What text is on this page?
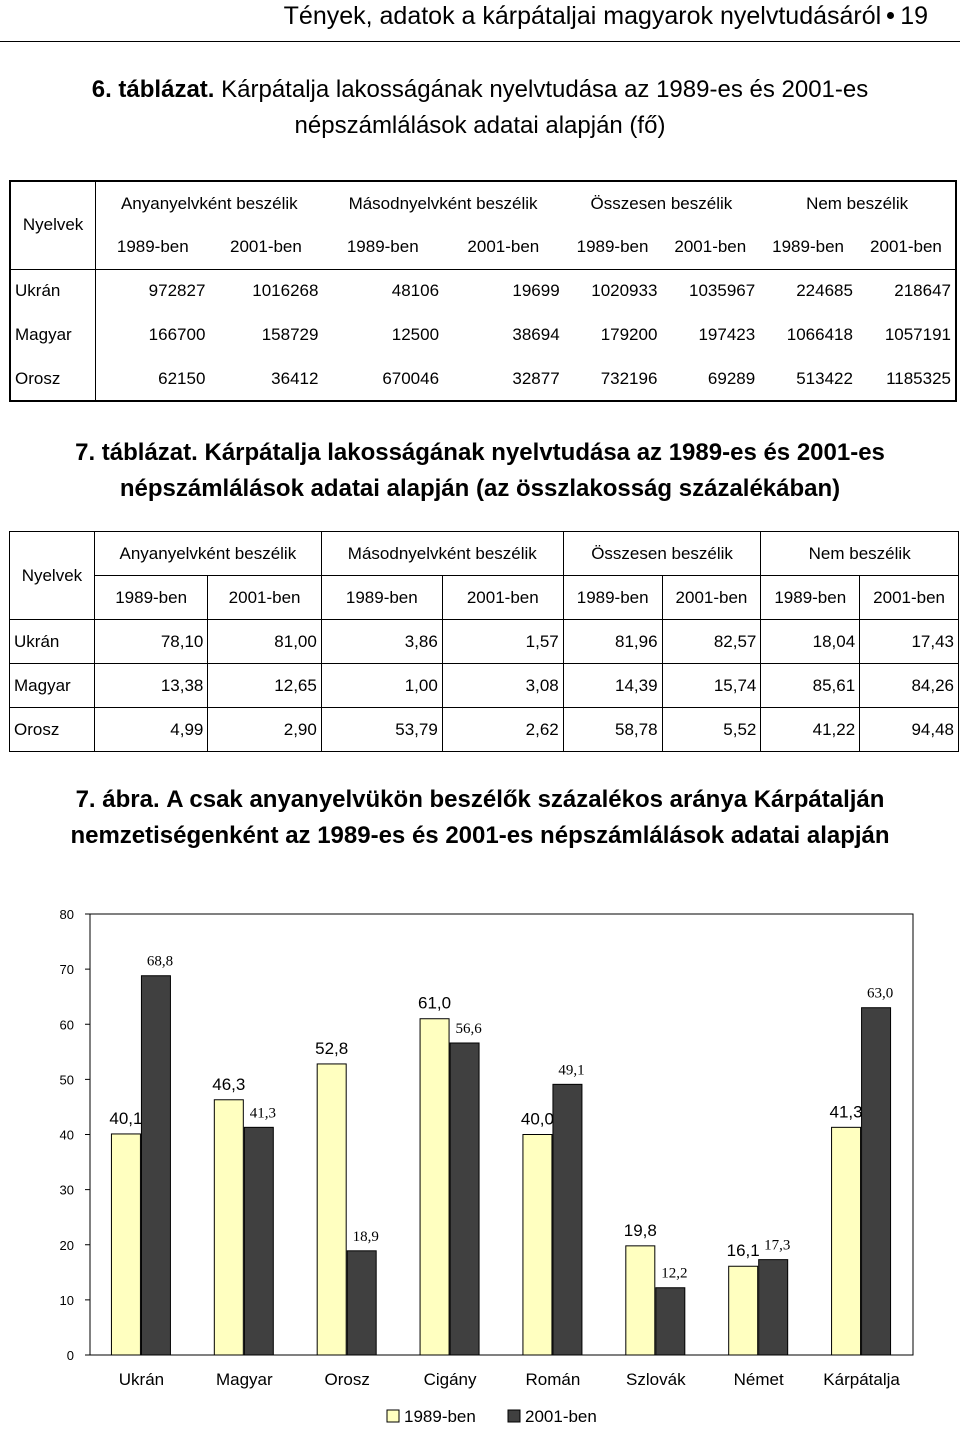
Tények, adatok a kárpátaljai magyarok nyelvtudásáról 19
6. táblázat. Kárpátalja lakosságának nyelvtudása az 1989-es és 2001-es
népszámlálások adatai alapján (fő)
Nyelvek	Anyanyelvként beszélik		Másodnyelvként beszélik		Összesen beszélik		Nem beszélik	
	1989-ben	2001-ben	1989-ben	2001-ben	1989-ben	2001-ben	1989-ben	2001-ben
Ukrán	972827	1016268	48106	19699	1020933	1035967	224685	218647
Magyar	166700	158729	12500	38694	179200	197423	1066418	1057191
Orosz	62150	36412	670046	32877	732196	69289	513422	1185325
7. táblázat. Kárpátalja lakosságának nyelvtudása az 1989-es és 2001-es
népszámlálások adatai alapján (az összlakosság százalékában)
Nyelvek	Anyanyelvként beszélik		Másodnyelvként beszélik		Összesen beszélik		Nem beszélik	
	1989-ben	2001-ben	1989-ben	2001-ben	1989-ben	2001-ben	1989-ben	2001-ben
Ukrán	78,10	81,00	3,86	1,57	81,96	82,57	18,04	17,43
Magyar	13,38	12,65	1,00	3,08	14,39	15,74	85,61	84,26
Orosz	4,99	2,90	53,79	2,62	58,78	5,52	41,22	94,48
7. ábra. A csak anyanyelvükön beszélők százalékos aránya Kárpátalján
nemzetiségenként az 1989-es és 2001-es népszámlálások adatai alapján
0
10
20
30
40
50
60
70
80
40,1
68,8
Ukrán
46,3
41,3
Magyar
52,8
18,9
Orosz
61,0
56,6
Cigány
40,0
49,1
Román
19,8
12,2
Szlovák
16,1 17,3
Német
41,3
63,0
Kárpátalja
1989-ben	2001-ben
